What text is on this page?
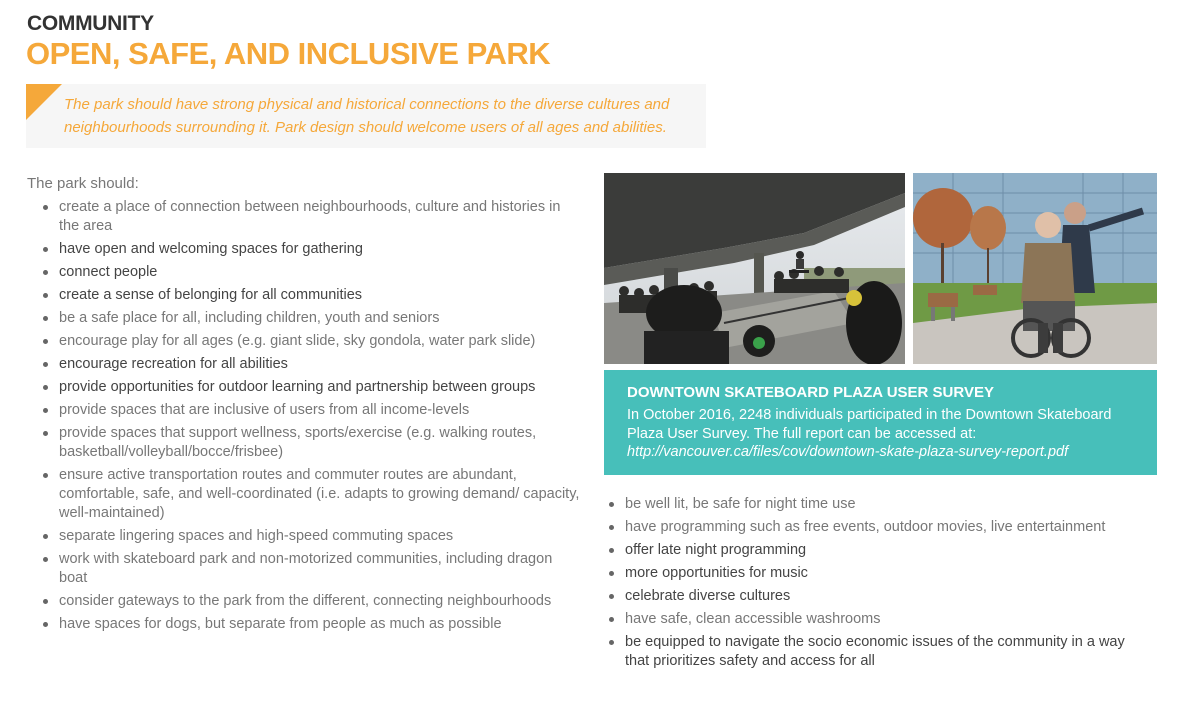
COMMUNITY
OPEN, SAFE, AND INCLUSIVE PARK
The park should have strong physical and historical connections to the diverse cultures and neighbourhoods surrounding it. Park design should welcome users of all ages and abilities.
The park should:
create a place of connection between neighbourhoods, culture and histories in the area
have open and welcoming spaces for gathering
connect people
create a sense of belonging for all communities
be a safe place for all, including children, youth and seniors
encourage play for all ages (e.g. giant slide, sky gondola, water park slide)
encourage recreation for all abilities
provide opportunities for outdoor learning and partnership between groups
provide spaces that are inclusive of users from all income-levels
provide spaces that support wellness, sports/exercise (e.g. walking routes, basketball/volleyball/bocce/frisbee)
ensure active transportation routes and commuter routes are abundant, comfortable, safe, and well-coordinated (i.e. adapts to growing demand/ capacity, well-maintained)
separate lingering spaces and high-speed commuting spaces
work with skateboard park and non-motorized communities, including dragon boat
consider gateways to the park from the different, connecting neighbourhoods
have spaces for dogs, but separate from people as much as possible
DOWNTOWN SKATEBOARD PLAZA USER SURVEY
In October 2016, 2248 individuals participated in the Downtown Skateboard Plaza User Survey. The full report can be accessed at:
http://vancouver.ca/files/cov/downtown-skate-plaza-survey-report.pdf
be well lit, be safe for night time use
have programming such as free events, outdoor movies, live entertainment
offer late night programming
more opportunities for music
celebrate diverse cultures
have safe, clean accessible washrooms
be equipped to navigate the socio economic issues of the community in a way that prioritizes safety and access for all
